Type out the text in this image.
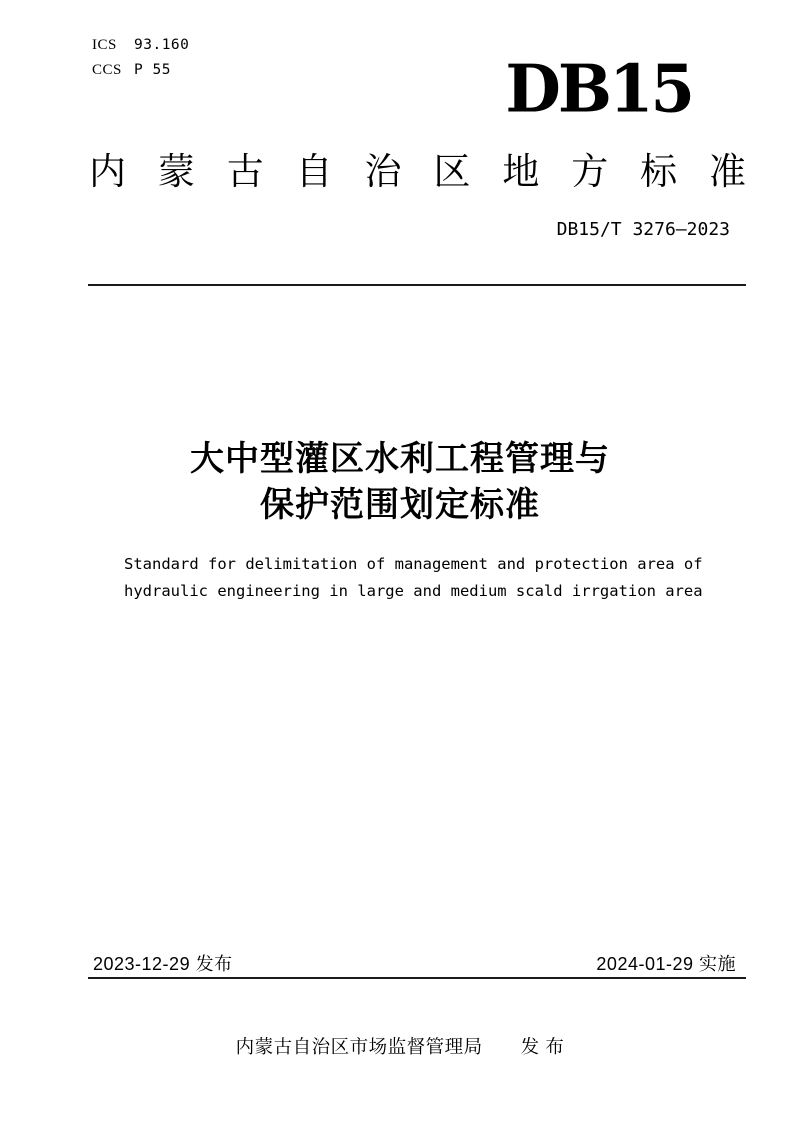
ICS	93.160
CCS P 55	DB15
内蒙古自治区地方标准
DB15/T 3276—2023
大中型灌区水利工程管理与
保护范围划定标准
Standard for delimitation of management and protection area of
hydraulic engineering in large and medium scald irrgation area
2023-12-29 发布	2024-01-29 实施
内蒙古自治区市场监督管理局　　发 布
